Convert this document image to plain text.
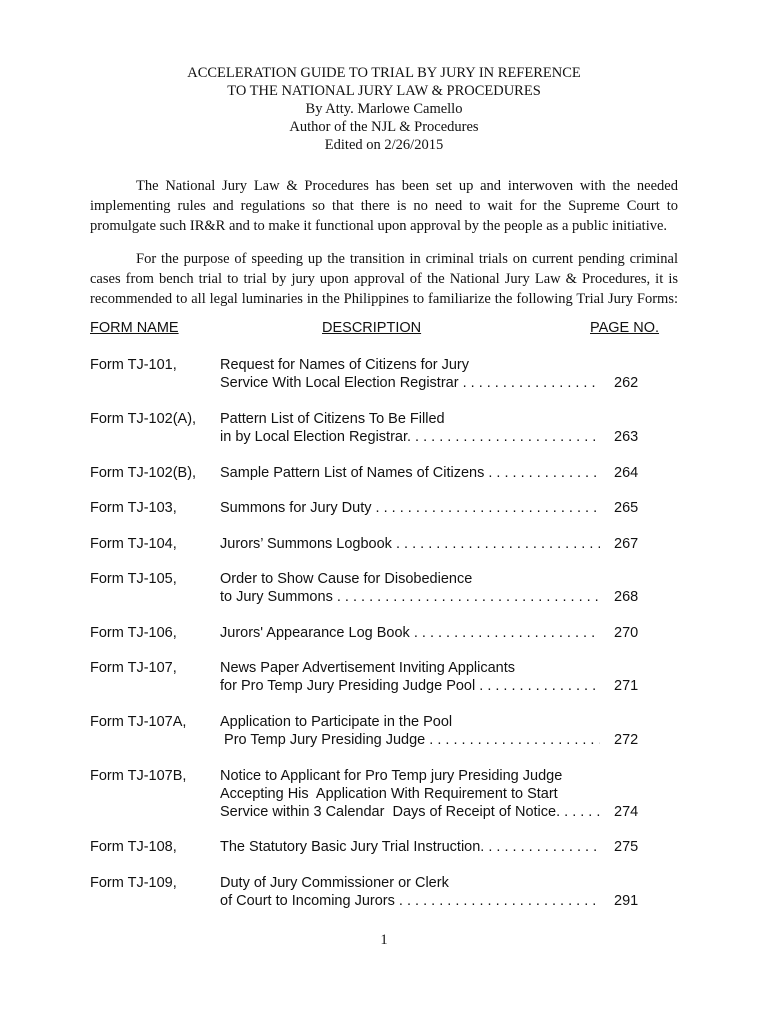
ACCELERATION GUIDE TO TRIAL BY JURY IN REFERENCE
TO THE NATIONAL JURY LAW & PROCEDURES
By Atty. Marlowe Camello
Author of the NJL & Procedures
Edited on 2/26/2015

The National Jury Law & Procedures has been set up and interwoven with the needed
implementing rules and regulations so that there is no need to wait for the Supreme Court to
promulgate such IR&R and to make it functional upon approval by the people as a public initiative.

For the purpose of speeding up the transition in criminal trials on current pending criminal
cases from bench trial to trial by jury upon approval of the National Jury Law & Procedures, it is
recommended to all legal luminaries in the Philippines to familiarize the following Trial Jury Forms:

FORM NAME	DESCRIPTION	PAGE NO.
Form TJ-101,	Request for Names of Citizens for Jury
Service With Local Election Registrar . . .	262
Form TJ-102(A), Pattern List of Citizens To Be Filled
in by Local Election Registrar. . . .	263
Form TJ-102(B), Sample Pattern List of Names of Citizens . . .	264
Form TJ-103,	Summons for Jury Duty . . .	265
Form TJ-104,	Jurors’ Summons Logbook . . .	267
Form TJ-105,	Order to Show Cause for Disobedience
to Jury Summons . . .	268
Form TJ-106,	Jurors' Appearance Log Book . . .	270
Form TJ-107,	News Paper Advertisement Inviting Applicants
for Pro Temp Jury Presiding Judge Pool . . .	271
Form TJ-107A, Application to Participate in the Pool
Pro Temp Jury Presiding Judge . . .	272
Form TJ-107B, Notice to Applicant for Pro Temp jury Presiding Judge
Accepting His  Application With Requirement to Start
Service within 3 Calendar  Days of Receipt of Notice. . . .	274
Form TJ-108,	The Statutory Basic Jury Trial Instruction. . . .	275
Form TJ-109,	Duty of Jury Commissioner or Clerk
of Court to Incoming Jurors . . .	291
1
